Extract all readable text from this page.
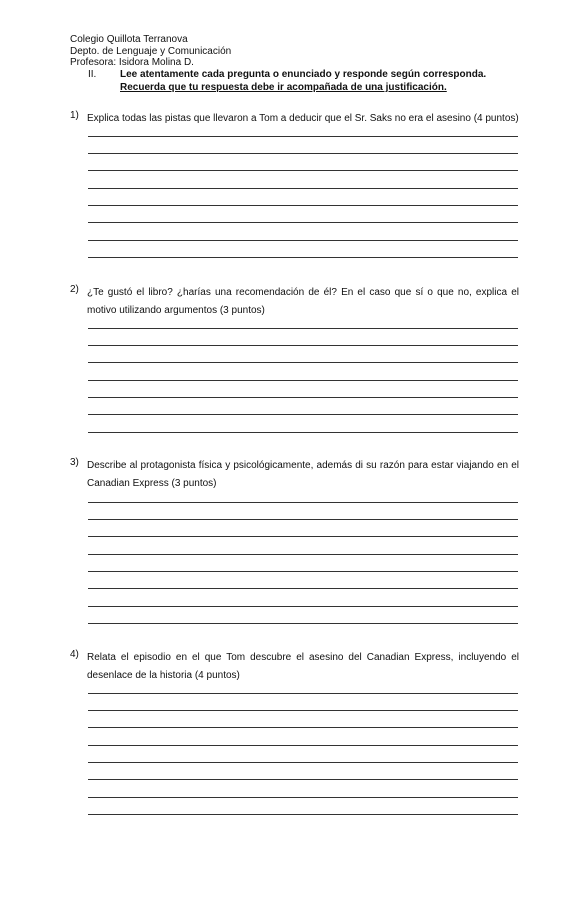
Colegio Quillota Terranova
Depto. de Lenguaje y Comunicación
Profesora: Isidora Molina D.
II. Lee atentamente cada pregunta o enunciado y responde según corresponda.
Recuerda que tu respuesta debe ir acompañada de una justificación.
1) Explica todas las pistas que llevaron a Tom a deducir que el Sr. Saks no era el asesino (4 puntos)
2) ¿Te gustó el libro? ¿harías una recomendación de él? En el caso que sí o que no, explica el motivo utilizando argumentos (3 puntos)
3) Describe al protagonista física y psicológicamente, además di su razón para estar viajando en el Canadian Express (3 puntos)
4) Relata el episodio en el que Tom descubre el asesino del Canadian Express, incluyendo el desenlace de la historia (4 puntos)
